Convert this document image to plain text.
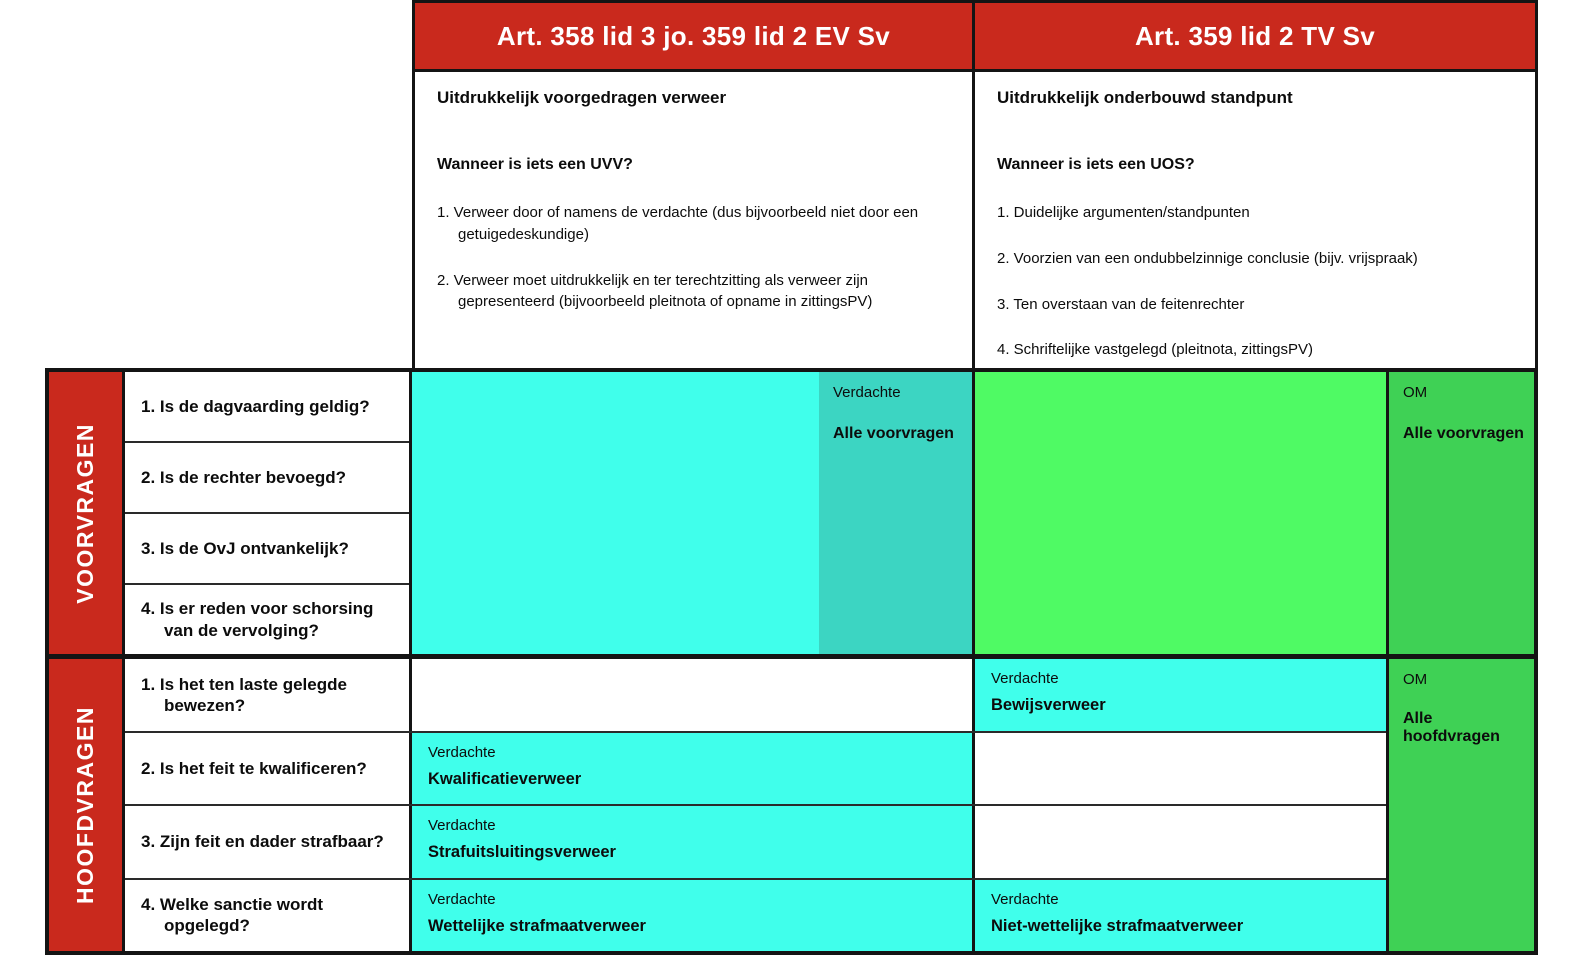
Art. 358 lid 3 jo. 359 lid 2 EV Sv	Art. 359 lid 2 TV Sv
Uitdrukkelijk voorgedragen verweer
Wanneer is iets een UVV?
1. Verweer door of namens de verdachte (dus bijvoorbeeld niet door een getuigedeskundige)
2. Verweer moet uitdrukkelijk en ter terechtzitting als verweer zijn gepresenteerd (bijvoorbeeld pleitnota of opname in zittingsPV)
Uitdrukkelijk onderbouwd standpunt
Wanneer is iets een UOS?
1. Duidelijke argumenten/standpunten
2. Voorzien van een ondubbelzinnige conclusie (bijv. vrijspraak)
3. Ten overstaan van de feitenrechter
4. Schriftelijke vastgelegd (pleitnota, zittingsPV)
VOORVRAGEN
1. Is de dagvaarding geldig?
2. Is de rechter bevoegd?
3. Is de OvJ ontvankelijk?
4. Is er reden voor schorsing van de vervolging?
Verdachte
Alle voorvragen
OM
Alle voorvragen
HOOFDVRAGEN
1. Is het ten laste gelegde bewezen?
Verdachte
Bewijsverweer
2. Is het feit te kwalificeren?
Verdachte
Kwalificatieverweer
3. Zijn feit en dader strafbaar?
Verdachte
Strafuitsluitingsverweer
4. Welke sanctie wordt opgelegd?
Verdachte
Wettelijke strafmaatverweer
Verdachte
Niet-wettelijke strafmaatverweer
OM
Alle hoofdvragen
